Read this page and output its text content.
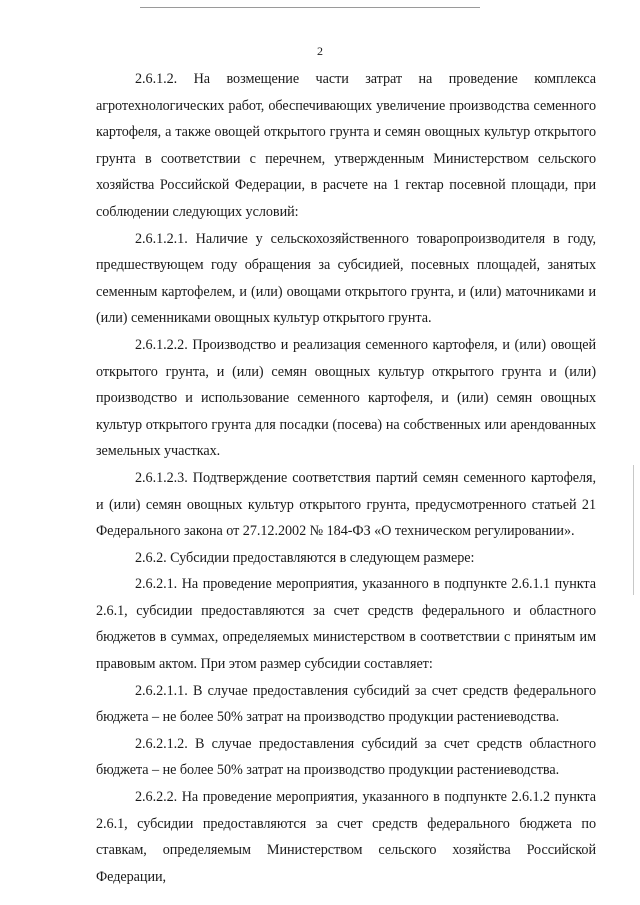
2

2.6.1.2. На возмещение части затрат на проведение комплекса агротехнологических работ, обеспечивающих увеличение производства семенного картофеля, а также овощей открытого грунта и семян овощных культур открытого грунта в соответствии с перечнем, утвержденным Министерством сельского хозяйства Российской Федерации, в расчете на 1 гектар посевной площади, при соблюдении следующих условий:

2.6.1.2.1. Наличие у сельскохозяйственного товаропроизводителя в году, предшествующем году обращения за субсидией, посевных площадей, занятых семенным картофелем, и (или) овощами открытого грунта, и (или) маточниками и (или) семенниками овощных культур открытого грунта.

2.6.1.2.2. Производство и реализация семенного картофеля, и (или) овощей открытого грунта, и (или) семян овощных культур открытого грунта и (или) производство и использование семенного картофеля, и (или) семян овощных культур открытого грунта для посадки (посева) на собственных или арендованных земельных участках.

2.6.1.2.3. Подтверждение соответствия партий семян семенного картофеля, и (или) семян овощных культур открытого грунта, предусмотренного статьей 21 Федерального закона от 27.12.2002 № 184-ФЗ «О техническом регулировании».

2.6.2. Субсидии предоставляются в следующем размере:

2.6.2.1. На проведение мероприятия, указанного в подпункте 2.6.1.1 пункта 2.6.1, субсидии предоставляются за счет средств федерального и областного бюджетов в суммах, определяемых министерством в соответствии с принятым им правовым актом. При этом размер субсидии составляет:

2.6.2.1.1. В случае предоставления субсидий за счет средств федерального бюджета – не более 50% затрат на производство продукции растениеводства.

2.6.2.1.2. В случае предоставления субсидий за счет средств областного бюджета – не более 50% затрат на производство продукции растениеводства.

2.6.2.2. На проведение мероприятия, указанного в подпункте 2.6.1.2 пункта 2.6.1, субсидии предоставляются за счет средств федерального бюджета по ставкам, определяемым Министерством сельского хозяйства Российской Федерации,
